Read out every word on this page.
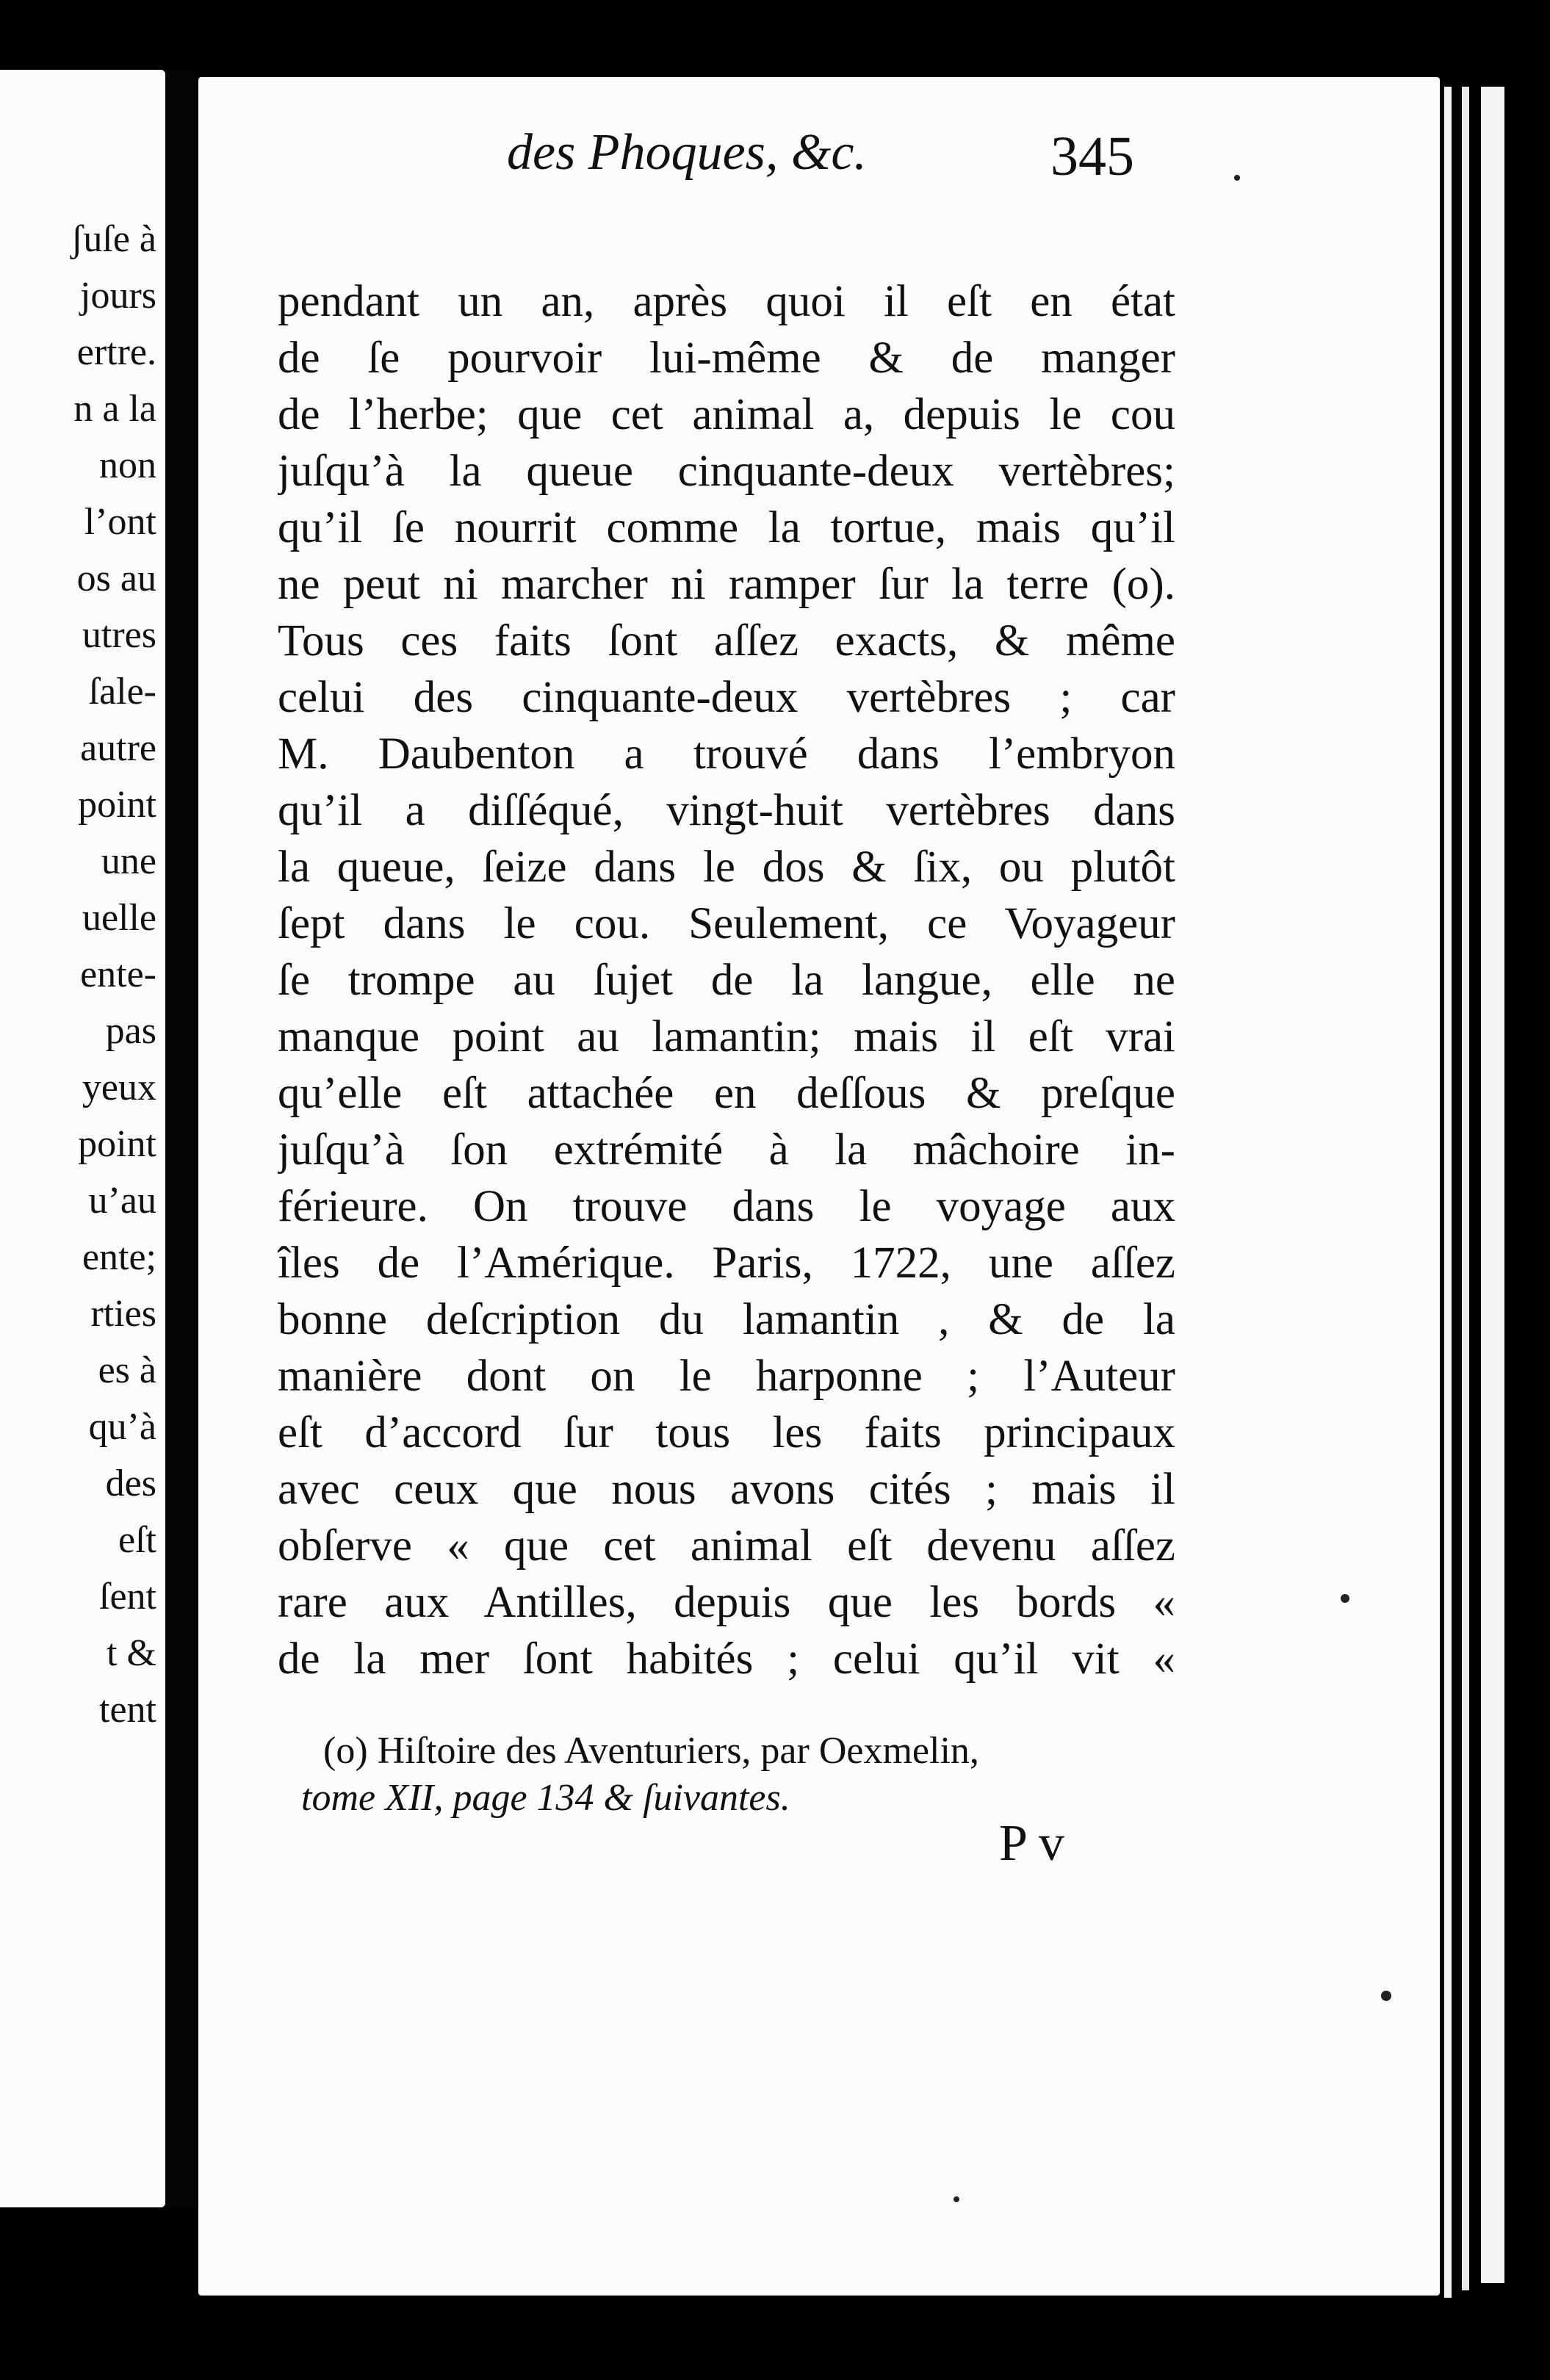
ʃuſe à
jours
ertre.
n a la
non
l’ont
os au
utres
ſale-
autre
point
une
uelle
ente-
pas
yeux
point
u’au
ente;
rties
es à
qu’à
des
eſt
ſent
t &
tent
des Phoques, &c.	345
pendant un an, après quoi il eſt en état
de ſe pourvoir lui-même & de manger
de l’herbe; que cet animal a, depuis le cou
juſqu’à la queue cinquante-deux vertèbres;
qu’il ſe nourrit comme la tortue, mais qu’il
ne peut ni marcher ni ramper ſur la terre (o).
Tous ces faits ſont aſſez exacts, & même
celui des cinquante-deux vertèbres ; car
M. Daubenton a trouvé dans l’embryon
qu’il a diſſéqué, vingt-huit vertèbres dans
la queue, ſeize dans le dos & ſix, ou plutôt
ſept dans le cou. Seulement, ce Voyageur
ſe trompe au ſujet de la langue, elle ne
manque point au lamantin; mais il eſt vrai
qu’elle eſt attachée en deſſous & preſque
juſqu’à ſon extrémité à la mâchoire in-
férieure. On trouve dans le voyage aux
îles de l’Amérique. Paris, 1722, une aſſez
bonne deſcription du lamantin , & de la
manière dont on le harponne ; l’Auteur
eſt d’accord ſur tous les faits principaux
avec ceux que nous avons cités ; mais il
obſerve « que cet animal eſt devenu aſſez
rare aux Antilles, depuis que les bords «
de la mer ſont habités ; celui qu’il vit «
(o) Hiſtoire des Aventuriers, par Oexmelin,
tome XII, page 134 & ſuivantes.
P v
